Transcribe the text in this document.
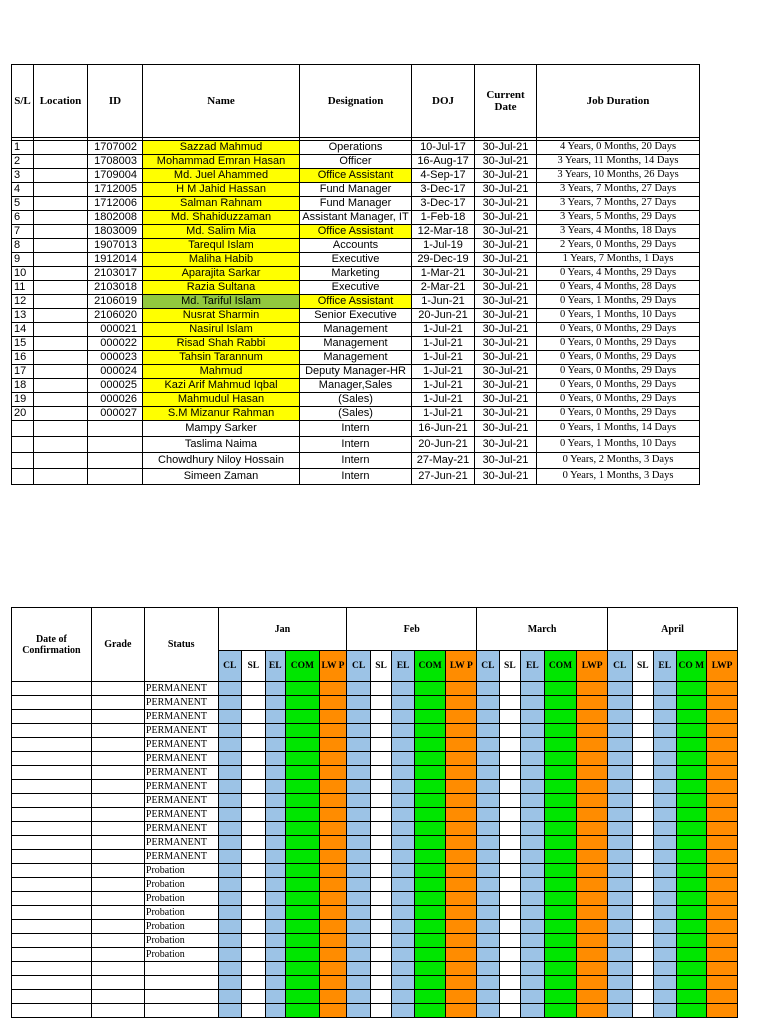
S/L	Location	ID	Name	Designation	DOJ	Current Date	Job Duration

1		1707002	Sazzad Mahmud	Operations	10-Jul-17	30-Jul-21	4 Years, 0 Months, 20 Days
2		1708003	Mohammad Emran Hasan	Officer	16-Aug-17	30-Jul-21	3 Years, 11 Months, 14 Days
3		1709004	Md. Juel Ahammed	Office Assistant	4-Sep-17	30-Jul-21	3 Years, 10 Months, 26 Days
4		1712005	H M Jahid Hassan	Fund Manager	3-Dec-17	30-Jul-21	3 Years, 7 Months, 27 Days
5		1712006	Salman Rahnam	Fund Manager	3-Dec-17	30-Jul-21	3 Years, 7 Months, 27 Days
6		1802008	Md. Shahiduzzaman	Assistant Manager, IT	1-Feb-18	30-Jul-21	3 Years, 5 Months, 29 Days
7		1803009	Md. Salim Mia	Office Assistant	12-Mar-18	30-Jul-21	3 Years, 4 Months, 18 Days
8		1907013	Tarequl Islam	Accounts	1-Jul-19	30-Jul-21	2 Years, 0 Months, 29 Days
9		1912014	Maliha Habib	Executive	29-Dec-19	30-Jul-21	1 Years, 7 Months, 1 Days
10		2103017	Aparajita Sarkar	Marketing	1-Mar-21	30-Jul-21	0 Years, 4 Months, 29 Days
11		2103018	Razia Sultana	Executive	2-Mar-21	30-Jul-21	0 Years, 4 Months, 28 Days
12		2106019	Md. Tariful Islam	Office Assistant	1-Jun-21	30-Jul-21	0 Years, 1 Months, 29 Days
13		2106020	Nusrat Sharmin	Senior Executive	20-Jun-21	30-Jul-21	0 Years, 1 Months, 10 Days
14		000021	Nasirul Islam	Management	1-Jul-21	30-Jul-21	0 Years, 0 Months, 29 Days
15		000022	Risad Shah Rabbi	Management	1-Jul-21	30-Jul-21	0 Years, 0 Months, 29 Days
16		000023	Tahsin Tarannum	Management	1-Jul-21	30-Jul-21	0 Years, 0 Months, 29 Days
17		000024	Mahmud	Deputy Manager-HR	1-Jul-21	30-Jul-21	0 Years, 0 Months, 29 Days
18		000025	Kazi Arif Mahmud Iqbal	Manager,Sales	1-Jul-21	30-Jul-21	0 Years, 0 Months, 29 Days
19		000026	Mahmudul Hasan	(Sales)	1-Jul-21	30-Jul-21	0 Years, 0 Months, 29 Days
20		000027	S.M Mizanur Rahman	(Sales)	1-Jul-21	30-Jul-21	0 Years, 0 Months, 29 Days
			Mampy Sarker	Intern	16-Jun-21	30-Jul-21	0 Years, 1 Months, 14 Days
			Taslima Naima	Intern	20-Jun-21	30-Jul-21	0 Years, 1 Months, 10 Days
			Chowdhury Niloy Hossain	Intern	27-May-21	30-Jul-21	0 Years, 2 Months, 3 Days
			Simeen Zaman	Intern	27-Jun-21	30-Jul-21	0 Years, 1 Months, 3 Days
Date of Confirmation	Grade	Status	Jan					Feb					March					April				
			CL	SL	EL	COM	LW P	CL	SL	EL	COM	LW P	CL	SL	EL	COM	LWP	CL	SL	EL	CO M	LWP
		PERMANENT																				
		PERMANENT																				
		PERMANENT																				
		PERMANENT																				
		PERMANENT																				
		PERMANENT																				
		PERMANENT																				
		PERMANENT																				
		PERMANENT																				
		PERMANENT																				
		PERMANENT																				
		PERMANENT																				
		PERMANENT																				
		Probation																				
		Probation																				
		Probation																				
		Probation																				
		Probation																				
		Probation																				
		Probation																				
